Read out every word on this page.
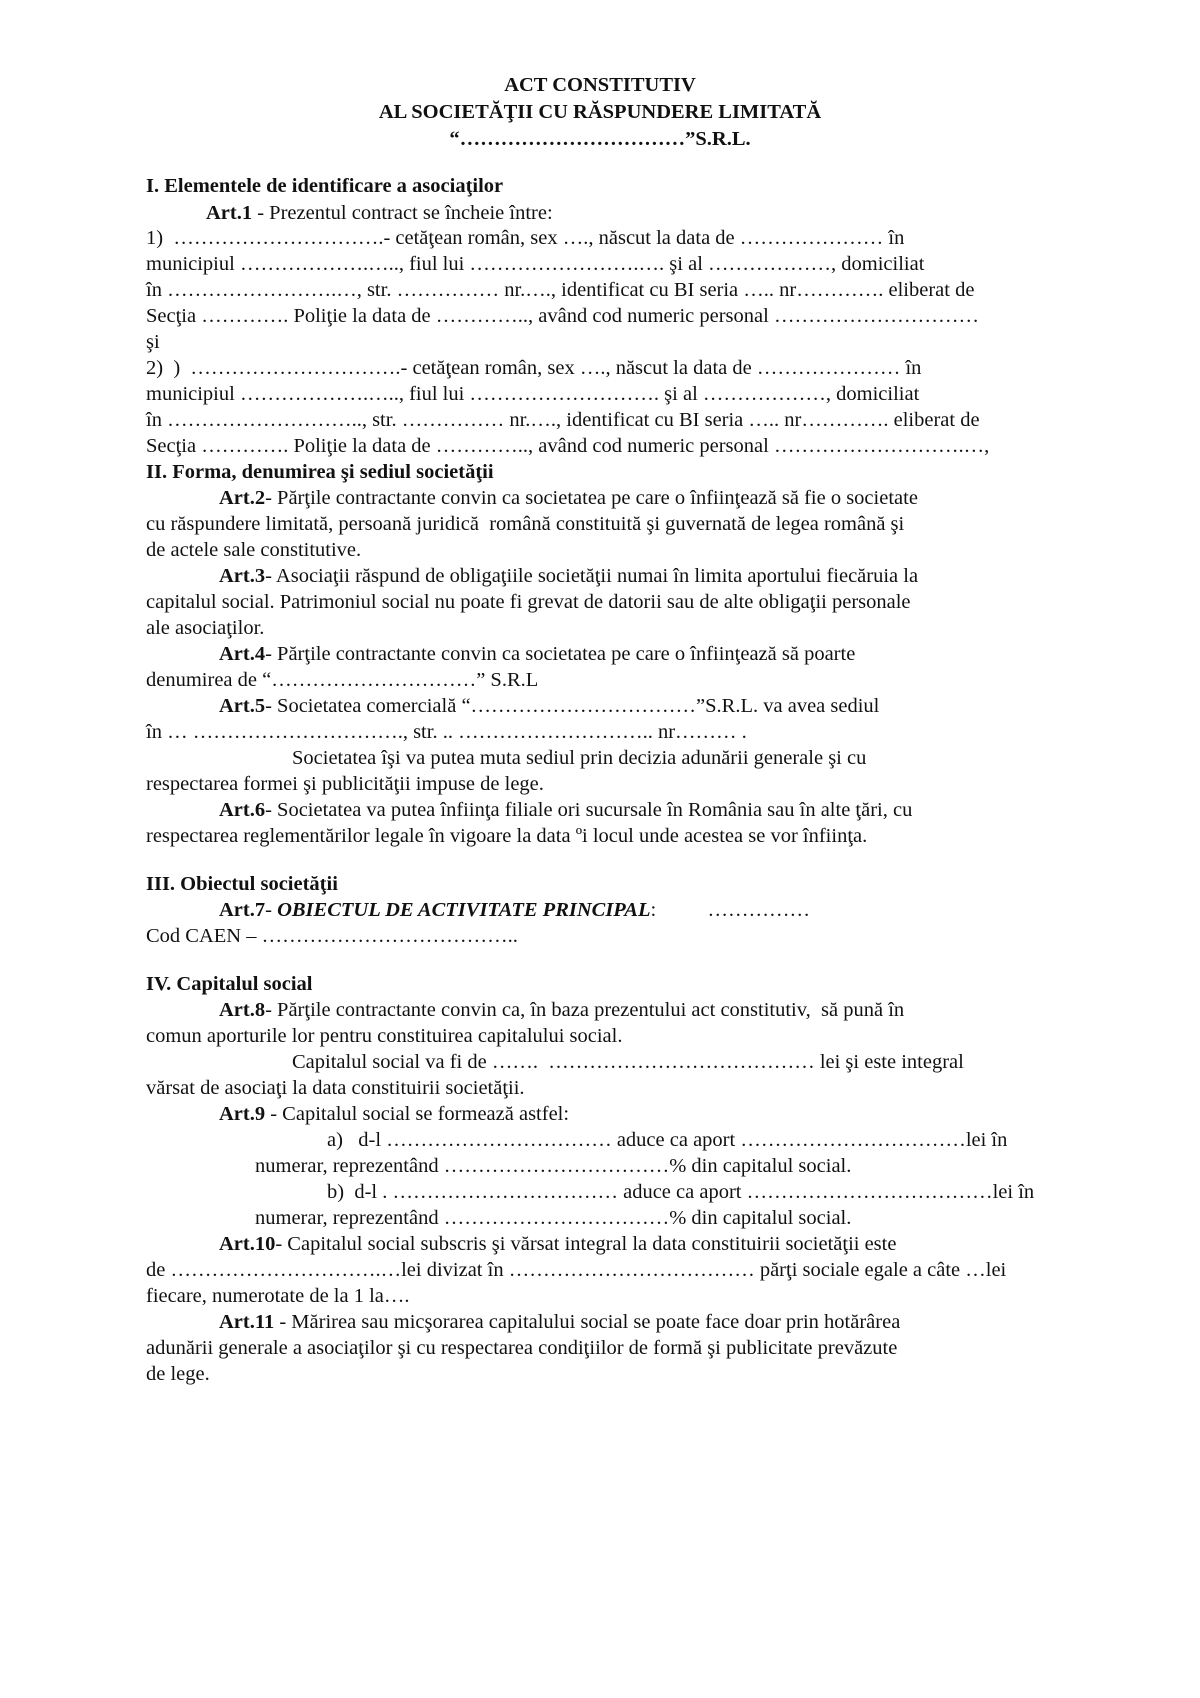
ACT CONSTITUTIV
AL SOCIETĂŢII CU RĂSPUNDERE LIMITATĂ
“……………………………”S.R.L.
I. Elementele de identificare a asociaţilor
Art.1 - Prezentul contract se încheie între:
1)  ………………………….- cetăţean român, sex …., născut la data de ………………… în
municipiul ……………….….., fiul lui …………………….…. şi al ………………, domiciliat
în …………………….…, str. …………… nr.…., identificat cu BI seria ….. nr…………. eliberat de
Secţia …………. Poliţie la data de ………….., având cod numeric personal …………………………
şi
2)  )  ………………………….- cetăţean român, sex …., născut la data de ………………… în
municipiul ……………….….., fiul lui ………………………. şi al ………………, domiciliat
în ……………………….., str. …………… nr.…., identificat cu BI seria ….. nr…………. eliberat de
Secţia …………. Poliţie la data de ………….., având cod numeric personal ……………………….…,
II. Forma, denumirea şi sediul societăţii
Art.2- Părţile contractante convin ca societatea pe care o înfiinţează să fie o societate
cu răspundere limitată, persoană juridică  română constituită şi guvernată de legea română şi
de actele sale constitutive.
Art.3- Asociaţii răspund de obligaţiile societăţii numai în limita aportului fiecăruia la
capitalul social. Patrimoniul social nu poate fi grevat de datorii sau de alte obligaţii personale
ale asociaţilor.
Art.4- Părţile contractante convin ca societatea pe care o înfiinţează să poarte
denumirea de “…………………………” S.R.L
Art.5- Societatea comercială “……………………………”S.R.L. va avea sediul
în … …………………………., str. .. ……………………….. nr……… .
Societatea îşi va putea muta sediul prin decizia adunării generale şi cu
respectarea formei şi publicităţii impuse de lege.
Art.6- Societatea va putea înfiinţa filiale ori sucursale în România sau în alte ţări, cu
respectarea reglementărilor legale în vigoare la data ºi locul unde acestea se vor înfiinţa.
III. Obiectul societăţii
Art.7- OBIECTUL DE ACTIVITATE PRINCIPAL:          ……………
Cod CAEN – ………………………………..
IV. Capitalul social
Art.8- Părţile contractante convin ca, în baza prezentului act constitutiv,  să pună în
comun aporturile lor pentru constituirea capitalului social.
Capitalul social va fi de …….  ………………………………… lei şi este integral
vărsat de asociaţi la data constituirii societăţii.
Art.9 - Capitalul social se formează astfel:
a)   d-l …………………………… aduce ca aport ……………………………lei în
numerar, reprezentând ……………………………% din capitalul social.
b)  d-l . …………………………… aduce ca aport ………………………………lei în
numerar, reprezentând ……………………………% din capitalul social.
Art.10- Capitalul social subscris şi vărsat integral la data constituirii societăţii este
de ………………………….…lei divizat în ……………………………… părţi sociale egale a câte …lei
fiecare, numerotate de la 1 la….
Art.11 - Mărirea sau micşorarea capitalului social se poate face doar prin hotărârea
adunării generale a asociaţilor şi cu respectarea condiţiilor de formă şi publicitate prevăzute
de lege.
